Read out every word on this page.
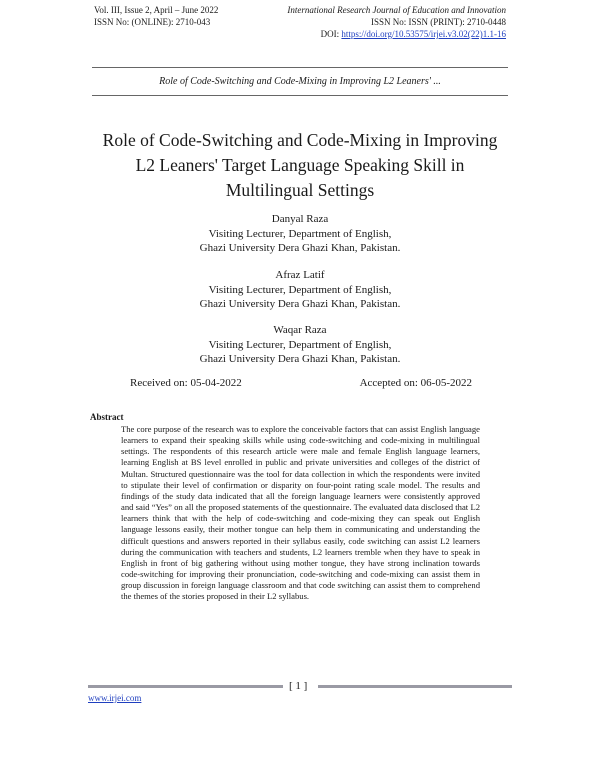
Vol. III, Issue 2, April – June 2022
ISSN No: (ONLINE): 2710-043
International Research Journal of Education and Innovation
ISSN No: ISSN (PRINT): 2710-0448
DOI: https://doi.org/10.53575/irjei.v3.02(22)1.1-16
Role of Code-Switching and Code-Mixing in Improving L2 Leaners' ...
Role of Code-Switching and Code-Mixing in Improving
L2 Leaners' Target Language Speaking Skill in
Multilingual Settings
Danyal Raza
Visiting Lecturer, Department of English,
Ghazi University Dera Ghazi Khan, Pakistan.
Afraz Latif
Visiting Lecturer, Department of English,
Ghazi University Dera Ghazi Khan, Pakistan.
Waqar Raza
Visiting Lecturer, Department of English,
Ghazi University Dera Ghazi Khan, Pakistan.
Received on: 05-04-2022	Accepted on: 06-05-2022
Abstract
The core purpose of the research was to explore the conceivable factors that can assist English language learners to expand their speaking skills while using code-switching and code-mixing in multilingual settings. The respondents of this research article were male and female English language learners, learning English at BS level enrolled in public and private universities and colleges of the district of Multan. Structured questionnaire was the tool for data collection in which the respondents were invited to stipulate their level of confirmation or disparity on four-point rating scale model. The results and findings of the study data indicated that all the foreign language learners were consistently approved and said “Yes” on all the proposed statements of the questionnaire. The evaluated data disclosed that L2 learners think that with the help of code-switching and code-mixing they can speak out English language lessons easily, their mother tongue can help them in communicating and understanding the difficult questions and answers reported in their syllabus easily, code switching can assist L2 learners during the communication with teachers and students, L2 learners tremble when they have to speak in English in front of big gathering without using mother tongue, they have strong inclination towards code-switching for improving their pronunciation, code-switching and code-mixing can assist them in group discussion in foreign language classroom and that code switching can assist them to comprehend the themes of the stories proposed in their L2 syllabus.
[ 1 ]
www.irjei.com
